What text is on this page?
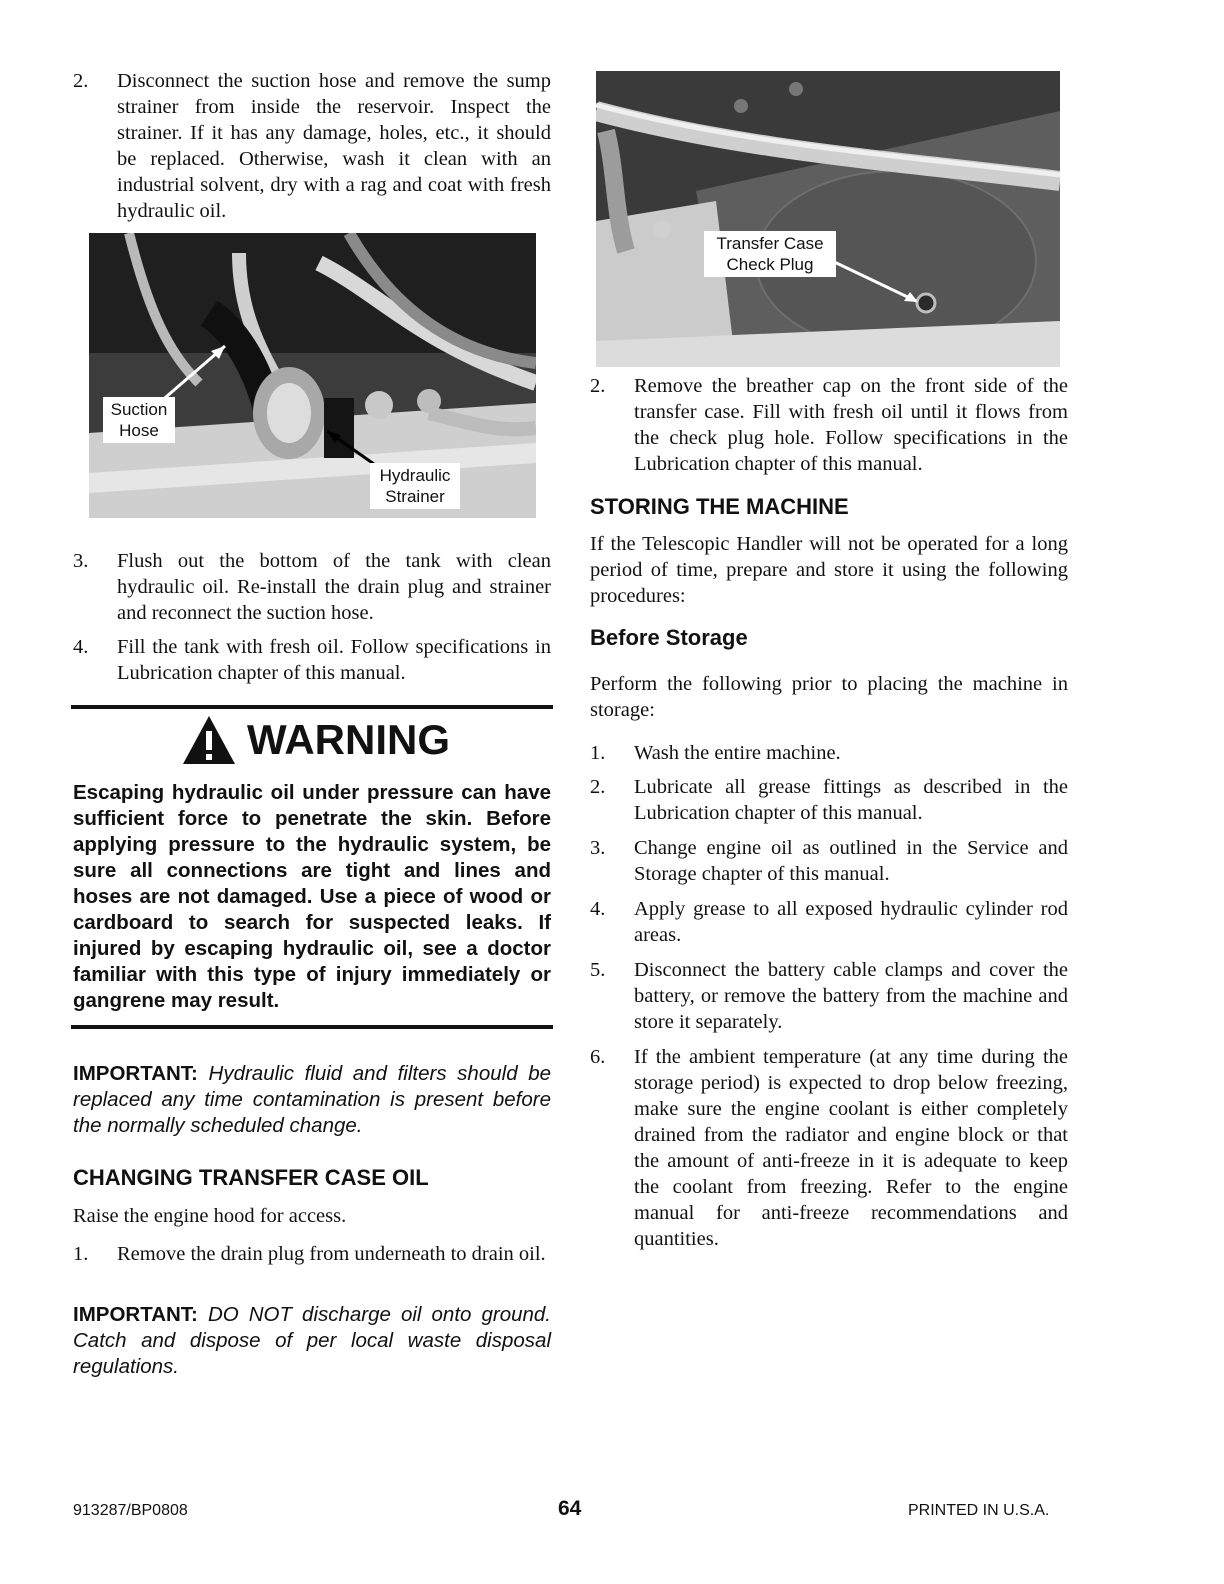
2.	Disconnect the suction hose and remove the sump strainer from inside the reservoir. Inspect the strainer. If it has any damage, holes, etc., it should be replaced. Otherwise, wash it clean with an industrial solvent, dry with a rag and coat with fresh hydraulic oil.
Suction Hose
Hydraulic Strainer
3.	Flush out the bottom of the tank with clean hydraulic oil. Re-install the drain plug and strainer and reconnect the suction hose.
4.	Fill the tank with fresh oil. Follow specifications in Lubrication chapter of this manual.
WARNING
Escaping hydraulic oil under pressure can have sufficient force to penetrate the skin. Before applying pressure to the hydraulic system, be sure all connections are tight and lines and hoses are not damaged. Use a piece of wood or cardboard to search for suspected leaks. If injured by escaping hydraulic oil, see a doctor familiar with this type of injury immediately or gangrene may result.
IMPORTANT: Hydraulic fluid and filters should be replaced any time contamination is present before the normally scheduled change.
CHANGING TRANSFER CASE OIL
Raise the engine hood for access.
1.	Remove the drain plug from underneath to drain oil.
IMPORTANT: DO NOT discharge oil onto ground. Catch and dispose of per local waste disposal regulations.
Transfer Case Check Plug
2.	Remove the breather cap on the front side of the transfer case. Fill with fresh oil until it flows from the check plug hole. Follow specifications in the Lubrication chapter of this manual.
STORING THE MACHINE
If the Telescopic Handler will not be operated for a long period of time, prepare and store it using the following procedures:
Before Storage
Perform the following prior to placing the machine in storage:
1.	Wash the entire machine.
2.	Lubricate all grease fittings as described in the Lubrication chapter of this manual.
3.	Change engine oil as outlined in the Service and Storage chapter of this manual.
4.	Apply grease to all exposed hydraulic cylinder rod areas.
5.	Disconnect the battery cable clamps and cover the battery, or remove the battery from the machine and store it separately.
6.	If the ambient temperature (at any time during the storage period) is expected to drop below freezing, make sure the engine coolant is either completely drained from the radiator and engine block or that the amount of anti-freeze in it is adequate to keep the coolant from freezing. Refer to the engine manual for anti-freeze recommendations and quantities.
913287/BP0808	64	PRINTED IN U.S.A.
